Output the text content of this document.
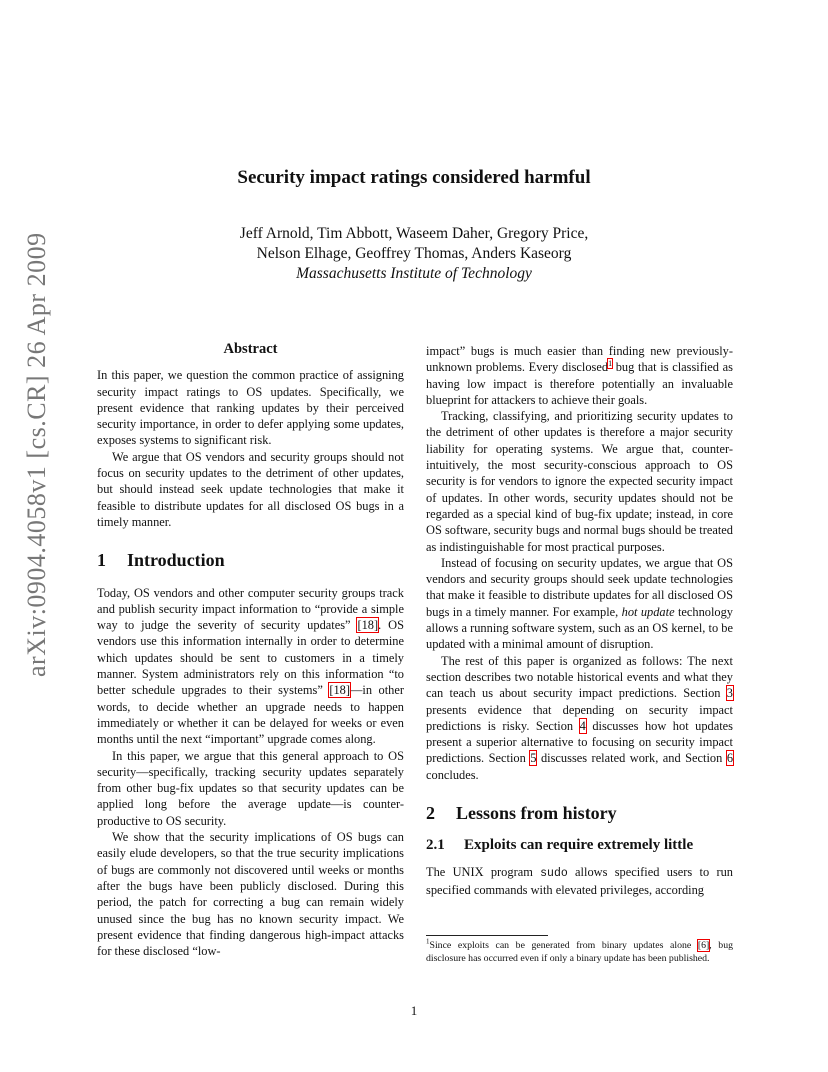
arXiv:0904.4058v1 [cs.CR] 26 Apr 2009
Security impact ratings considered harmful
Jeff Arnold, Tim Abbott, Waseem Daher, Gregory Price,
Nelson Elhage, Geoffrey Thomas, Anders Kaseorg
Massachusetts Institute of Technology
Abstract

In this paper, we question the common practice of assigning security impact ratings to OS updates. Specifically, we present evidence that ranking updates by their perceived security importance, in order to defer applying some updates, exposes systems to significant risk.

We argue that OS vendors and security groups should not focus on security updates to the detriment of other updates, but should instead seek update technologies that make it feasible to distribute updates for all disclosed OS bugs in a timely manner.

1 Introduction

Today, OS vendors and other computer security groups track and publish security impact information to “provide a simple way to judge the severity of security updates” [18]. OS vendors use this information internally in order to determine which updates should be sent to customers in a timely manner. System administrators rely on this information “to better schedule upgrades to their systems” [18]—in other words, to decide whether an upgrade needs to happen immediately or whether it can be delayed for weeks or even months until the next “important” upgrade comes along.

In this paper, we argue that this general approach to OS security—specifically, tracking security updates separately from other bug-fix updates so that security updates can be applied long before the average update—is counter-productive to OS security.

We show that the security implications of OS bugs can easily elude developers, so that the true security implications of bugs are commonly not discovered until weeks or months after the bugs have been publicly disclosed. During this period, the patch for correcting a bug can remain widely unused since the bug has no known security impact. We present evidence that finding dangerous high-impact attacks for these disclosed “low-

impact” bugs is much easier than finding new previously-unknown problems. Every disclosed$^1$ bug that is classified as having low impact is therefore potentially an invaluable blueprint for attackers to achieve their goals.

Tracking, classifying, and prioritizing security updates to the detriment of other updates is therefore a major security liability for operating systems. We argue that, counter-intuitively, the most security-conscious approach to OS security is for vendors to ignore the expected security impact of updates. In other words, security updates should not be regarded as a special kind of bug-fix update; instead, in core OS software, security bugs and normal bugs should be treated as indistinguishable for most practical purposes.

Instead of focusing on security updates, we argue that OS vendors and security groups should seek update technologies that make it feasible to distribute updates for all disclosed OS bugs in a timely manner. For example, hot update technology allows a running software system, such as an OS kernel, to be updated with a minimal amount of disruption.

The rest of this paper is organized as follows: The next section describes two notable historical events and what they can teach us about security impact predictions. Section 3 presents evidence that depending on security impact predictions is risky. Section 4 discusses how hot updates present a superior alternative to focusing on security impact predictions. Section 5 discusses related work, and Section 6 concludes.

2 Lessons from history
2.1 Exploits can require extremely little

The UNIX program sudo allows specified users to run specified commands with elevated privileges, according

$^1$Since exploits can be generated from binary updates alone [6], bug disclosure has occurred even if only a binary update has been published.
1
